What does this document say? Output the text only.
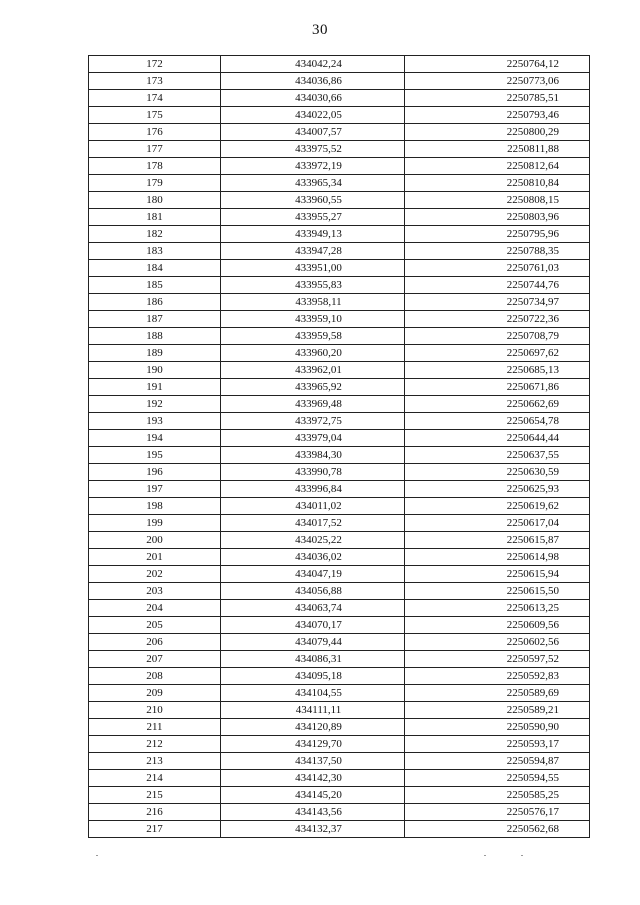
30
172	434042,24	2250764,12
173	434036,86	2250773,06
174	434030,66	2250785,51
175	434022,05	2250793,46
176	434007,57	2250800,29
177	433975,52	2250811,88
178	433972,19	2250812,64
179	433965,34	2250810,84
180	433960,55	2250808,15
181	433955,27	2250803,96
182	433949,13	2250795,96
183	433947,28	2250788,35
184	433951,00	2250761,03
185	433955,83	2250744,76
186	433958,11	2250734,97
187	433959,10	2250722,36
188	433959,58	2250708,79
189	433960,20	2250697,62
190	433962,01	2250685,13
191	433965,92	2250671,86
192	433969,48	2250662,69
193	433972,75	2250654,78
194	433979,04	2250644,44
195	433984,30	2250637,55
196	433990,78	2250630,59
197	433996,84	2250625,93
198	434011,02	2250619,62
199	434017,52	2250617,04
200	434025,22	2250615,87
201	434036,02	2250614,98
202	434047,19	2250615,94
203	434056,88	2250615,50
204	434063,74	2250613,25
205	434070,17	2250609,56
206	434079,44	2250602,56
207	434086,31	2250597,52
208	434095,18	2250592,83
209	434104,55	2250589,69
210	434111,11	2250589,21
211	434120,89	2250590,90
212	434129,70	2250593,17
213	434137,50	2250594,87
214	434142,30	2250594,55
215	434145,20	2250585,25
216	434143,56	2250576,17
217	434132,37	2250562,68
